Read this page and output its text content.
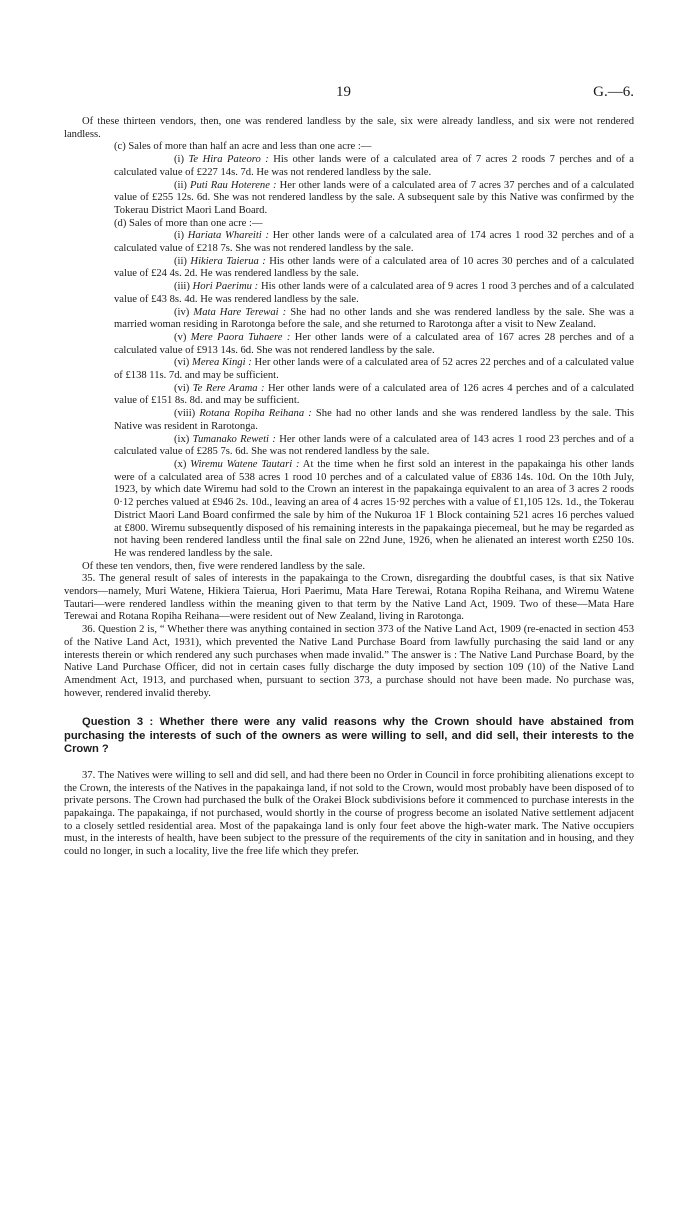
19	G.—6.

Of these thirteen vendors, then, one was rendered landless by the sale, six were already landless, and six were not rendered landless.

(c) Sales of more than half an acre and less than one acre :—

(i) Te Hira Pateoro : His other lands were of a calculated area of 7 acres 2 roods 7 perches and of a calculated value of £227 14s. 7d. He was not rendered landless by the sale.

(ii) Puti Rau Hoterene : Her other lands were of a calculated area of 7 acres 37 perches and of a calculated value of £255 12s. 6d. She was not rendered landless by the sale. A subsequent sale by this Native was confirmed by the Tokerau District Maori Land Board.

(d) Sales of more than one acre :—

(i) Hariata Whareiti : Her other lands were of a calculated area of 174 acres 1 rood 32 perches and of a calculated value of £218 7s. She was not rendered landless by the sale.

(ii) Hikiera Taierua : His other lands were of a calculated area of 10 acres 30 perches and of a calculated value of £24 4s. 2d. He was rendered landless by the sale.

(iii) Hori Paerimu : His other lands were of a calculated area of 9 acres 1 rood 3 perches and of a calculated value of £43 8s. 4d. He was rendered landless by the sale.

(iv) Mata Hare Terewai : She had no other lands and she was rendered landless by the sale. She was a married woman residing in Rarotonga before the sale, and she returned to Rarotonga after a visit to New Zealand.

(v) Mere Paora Tuhaere : Her other lands were of a calculated area of 167 acres 28 perches and of a calculated value of £913 14s. 6d. She was not rendered landless by the sale.

(vi) Merea Kingi : Her other lands were of a calculated area of 52 acres 22 perches and of a calculated value of £138 11s. 7d. and may be sufficient.

(vi) Te Rere Arama : Her other lands were of a calculated area of 126 acres 4 perches and of a calculated value of £151 8s. 8d. and may be sufficient.

(viii) Rotana Ropiha Reihana : She had no other lands and she was rendered landless by the sale. This Native was resident in Rarotonga.

(ix) Tumanako Reweti : Her other lands were of a calculated area of 143 acres 1 rood 23 perches and of a calculated value of £285 7s. 6d. She was not rendered landless by the sale.

(x) Wiremu Watene Tautari : At the time when he first sold an interest in the papakainga his other lands were of a calculated area of 538 acres 1 rood 10 perches and of a calculated value of £836 14s. 10d. On the 10th July, 1923, by which date Wiremu had sold to the Crown an interest in the papakainga equivalent to an area of 3 acres 2 roods 0·12 perches valued at £946 2s. 10d., leaving an area of 4 acres 15·92 perches with a value of £1,105 12s. 1d., the Tokerau District Maori Land Board confirmed the sale by him of the Nukuroa 1F 1 Block containing 521 acres 16 perches valued at £800. Wiremu subsequently disposed of his remaining interests in the papakainga piecemeal, but he may be regarded as not having been rendered landless until the final sale on 22nd June, 1926, when he alienated an interest worth £250 10s. He was rendered landless by the sale.

Of these ten vendors, then, five were rendered landless by the sale.

35. The general result of sales of interests in the papakainga to the Crown, disregarding the doubtful cases, is that six Native vendors—namely, Muri Watene, Hikiera Taierua, Hori Paerimu, Mata Hare Terewai, Rotana Ropiha Reihana, and Wiremu Watene Tautari—were rendered landless within the meaning given to that term by the Native Land Act, 1909. Two of these—Mata Hare Terewai and Rotana Ropiha Reihana—were resident out of New Zealand, living in Rarotonga.

36. Question 2 is, “ Whether there was anything contained in section 373 of the Native Land Act, 1909 (re-enacted in section 453 of the Native Land Act, 1931), which prevented the Native Land Purchase Board from lawfully purchasing the said land or any interests therein or which rendered any such purchases when made invalid.” The answer is : The Native Land Purchase Board, by the Native Land Purchase Officer, did not in certain cases fully discharge the duty imposed by section 109 (10) of the Native Land Amendment Act, 1913, and purchased when, pursuant to section 373, a purchase should not have been made. No purchase was, however, rendered invalid thereby.

Question 3 : Whether there were any valid reasons why the Crown should have abstained from purchasing the interests of such of the owners as were willing to sell, and did sell, their interests to the Crown ?

37. The Natives were willing to sell and did sell, and had there been no Order in Council in force prohibiting alienations except to the Crown, the interests of the Natives in the papakainga land, if not sold to the Crown, would most probably have been disposed of to private persons. The Crown had purchased the bulk of the Orakei Block subdivisions before it commenced to purchase interests in the papakainga. The papakainga, if not purchased, would shortly in the course of progress become an isolated Native settlement adjacent to a closely settled residential area. Most of the papakainga land is only four feet above the high-water mark. The Native occupiers must, in the interests of health, have been subject to the pressure of the requirements of the city in sanitation and in housing, and they could no longer, in such a locality, live the free life which they prefer.
